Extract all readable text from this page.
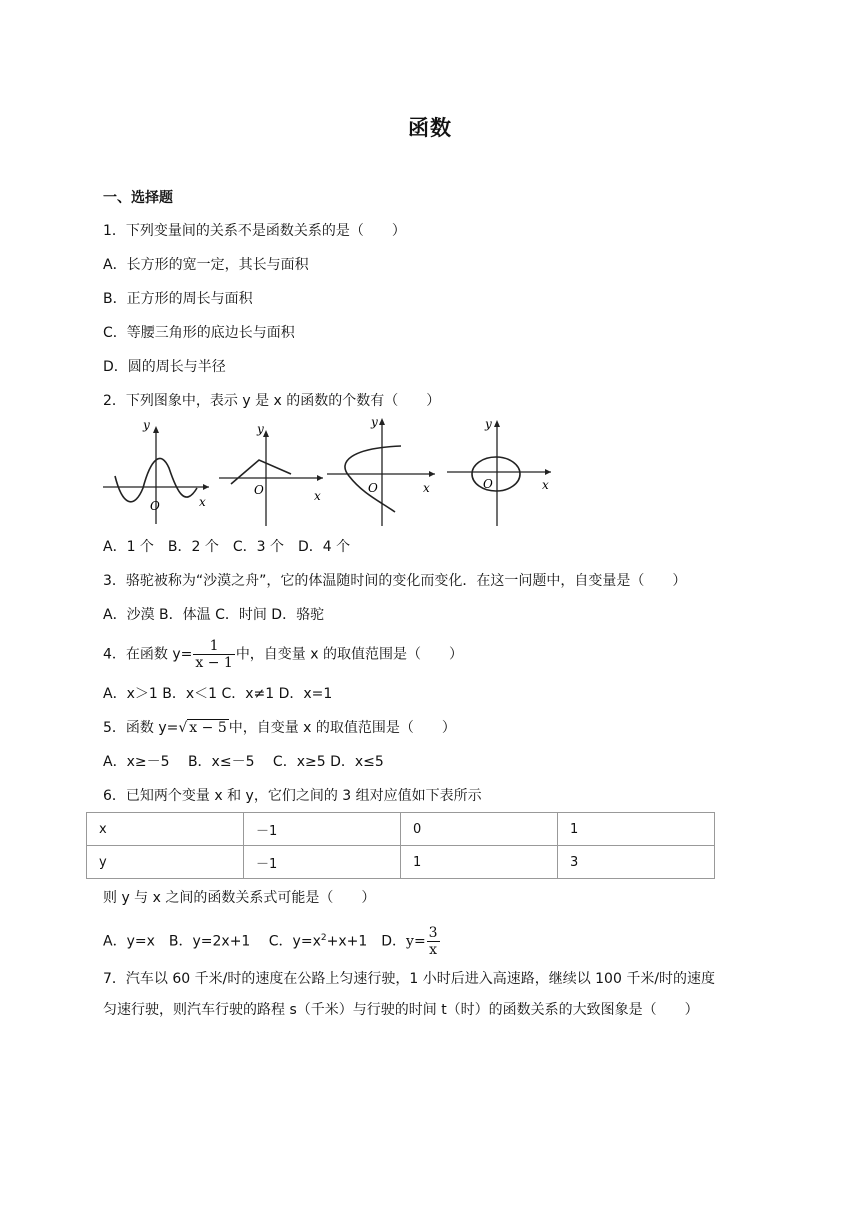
函数
一、选择题
1．下列变量间的关系不是函数关系的是（　　）
A．长方形的宽一定，其长与面积
B．正方形的周长与面积
C．等腰三角形的底边长与面积
D．圆的周长与半径
2．下列图象中，表示 y 是 x 的函数的个数有（　　）
O	x
y
O	x
y
O	x
y
O	x
y
A．1 个　B．2 个　C．3 个　D．4 个
3．骆驼被称为“沙漠之舟”，它的体温随时间的变化而变化．在这一问题中，自变量是（　　）
A．沙漠 B．体温 C．时间 D．骆驼
4．在函数 $y= \frac{1}{x - 1}$ 中，自变量 x 的取值范围是（　　）
A．x＞1 B．x＜1 C．x≠1 D．x=1
5．函数 y=√ x − 5 中，自变量 x 的取值范围是（　　）
A．x≥－5　 B．x≤－5　 C．x≥5 D．x≤5
6．已知两个变量 x 和 y，它们之间的 3 组对应值如下表所示
x	－1	0	1
y	－1	1	3
则 y 与 x 之间的函数关系式可能是（　　）
A．y=x　B．y=2x+1　 C．$y=x^2+x+1$　D．$y= \frac{3}{x}$
7．汽车以 60 千米/时的速度在公路上匀速行驶，1 小时后进入高速路，继续以 100 千米/时的速度
匀速行驶，则汽车行驶的路程 s（千米）与行驶的时间 t（时）的函数关系的大致图象是（　　）
